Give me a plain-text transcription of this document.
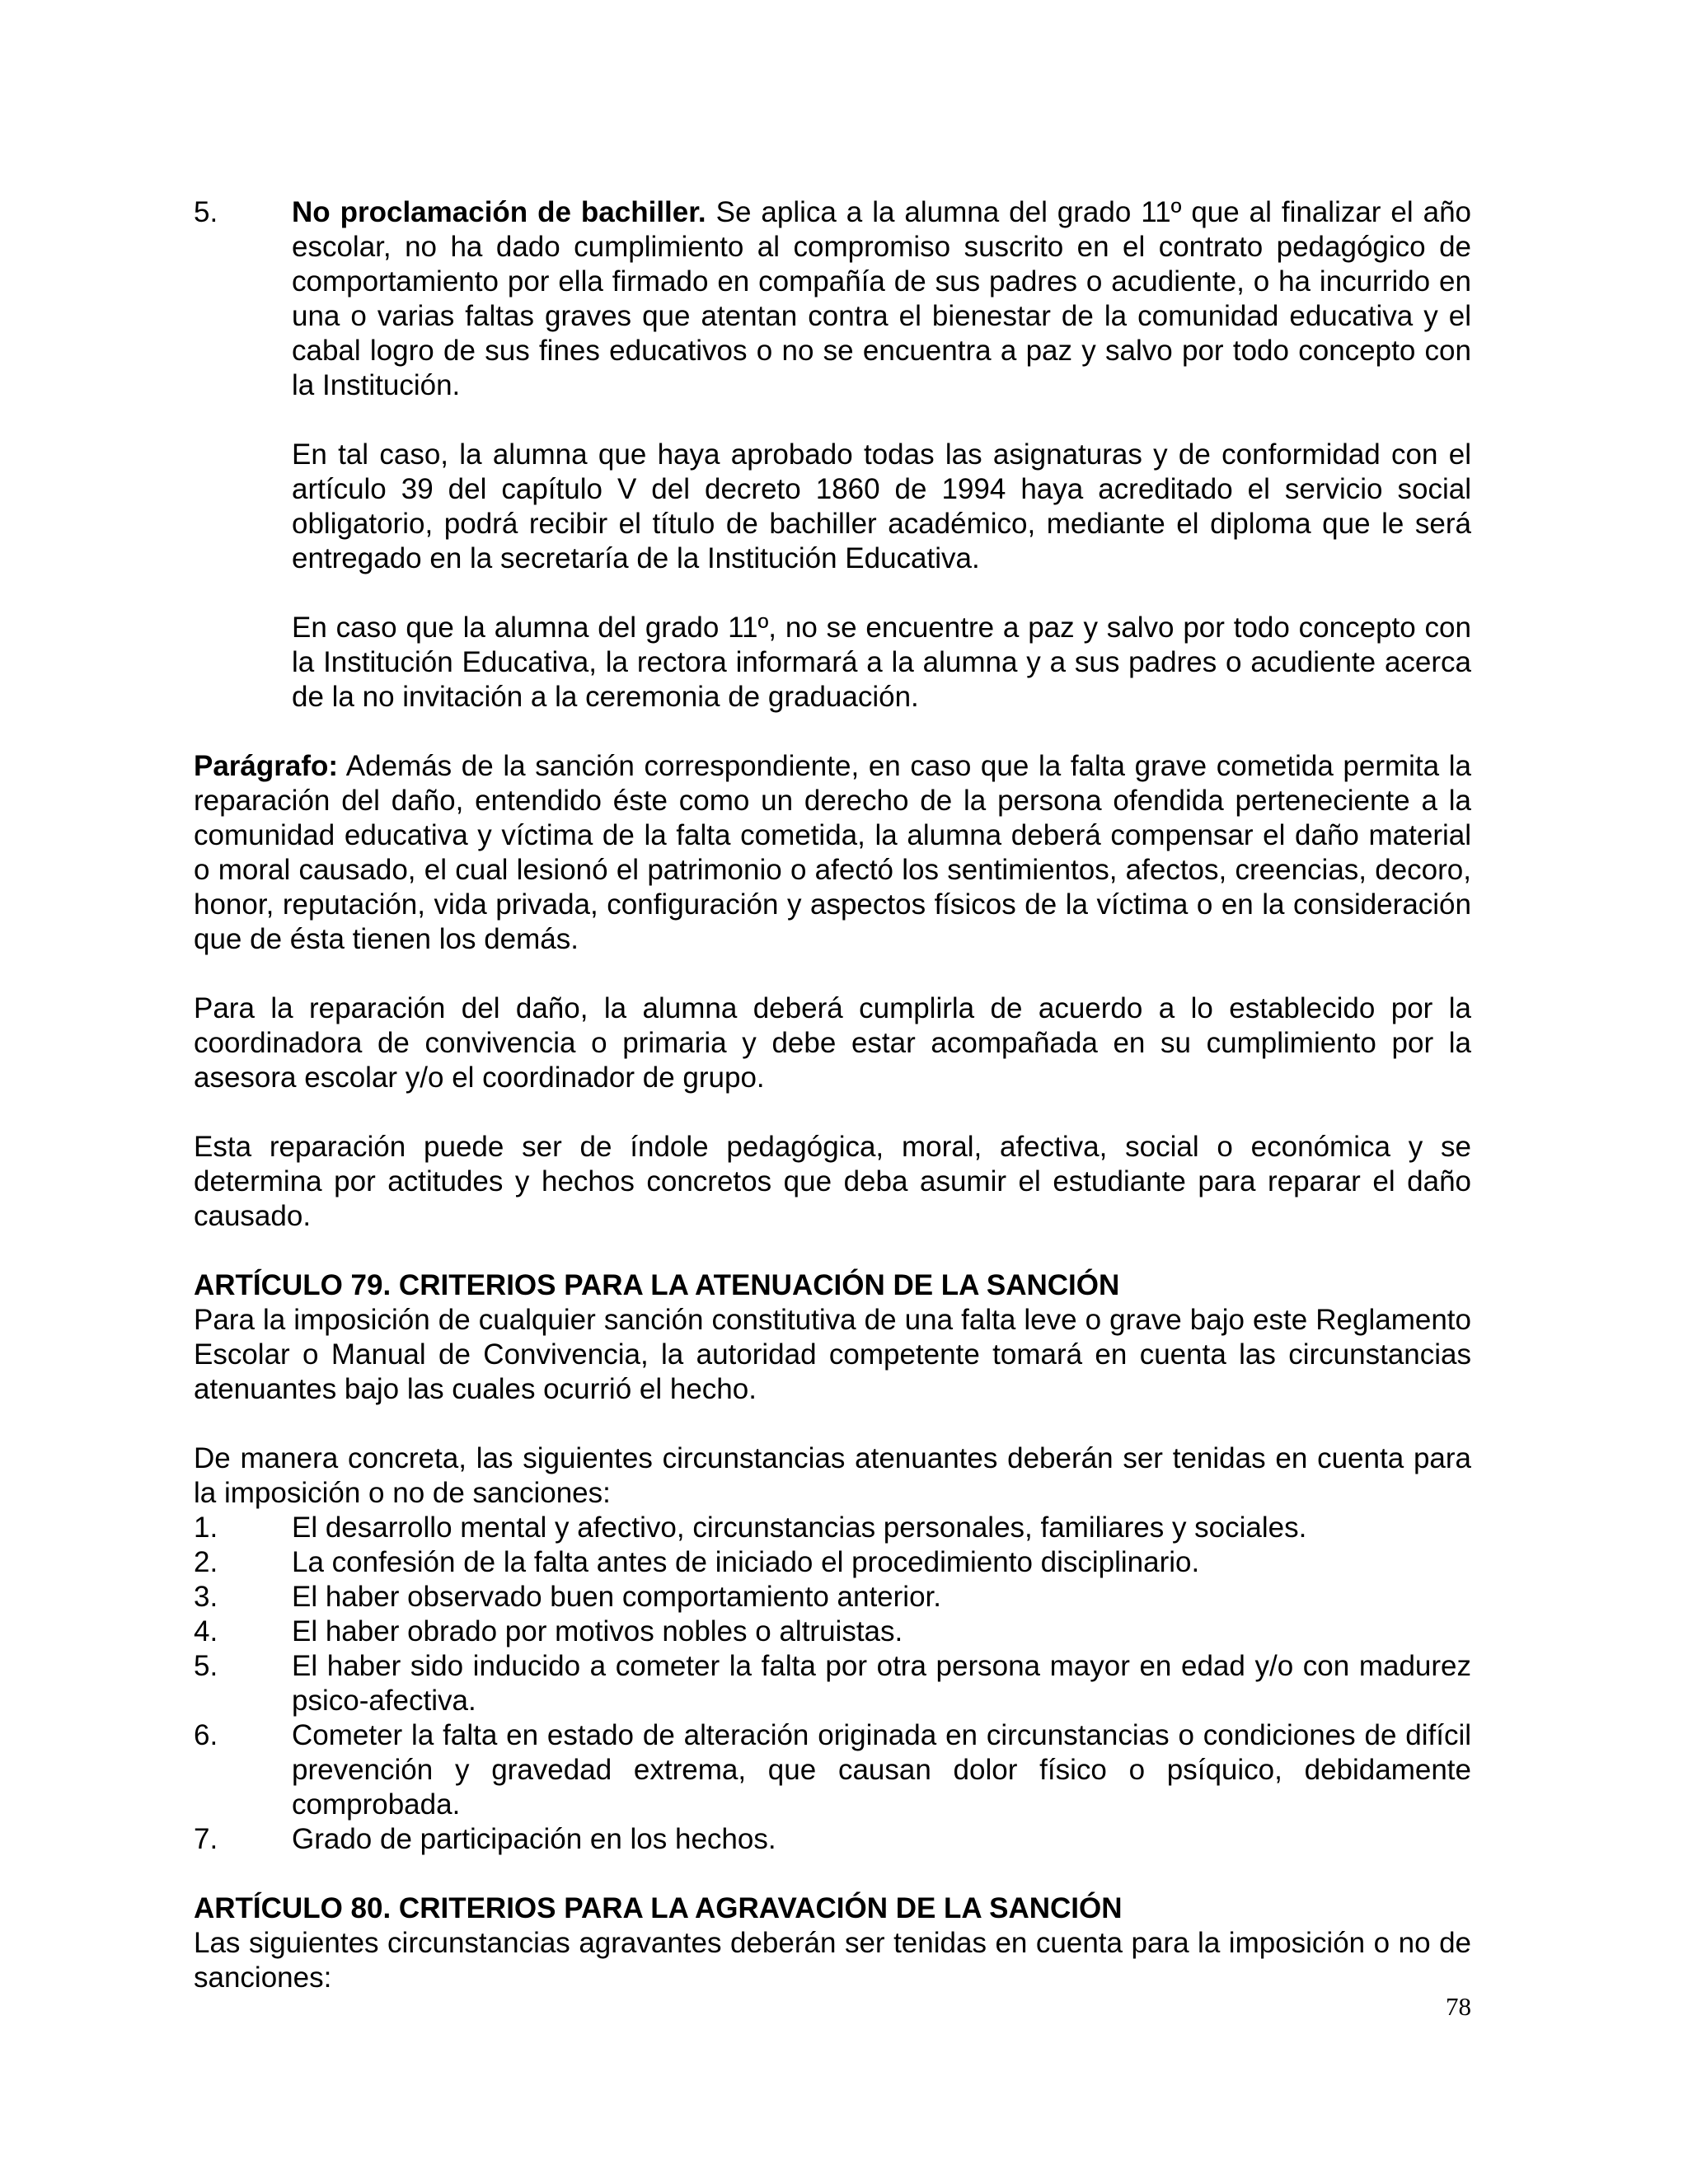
5.	No proclamación de bachiller. Se aplica a la alumna del grado 11º que al finalizar el año escolar, no ha dado cumplimiento al compromiso suscrito en el contrato pedagógico de comportamiento por ella firmado en compañía de sus padres o acudiente, o ha incurrido en una o varias faltas graves que atentan contra el bienestar de la comunidad educativa y el cabal logro de sus fines educativos o no se encuentra a paz y salvo por todo concepto con la Institución.

En tal caso, la alumna que haya aprobado todas las asignaturas y de conformidad con el artículo 39 del capítulo V del decreto 1860 de 1994 haya acreditado el servicio social obligatorio, podrá recibir el título de bachiller académico, mediante el diploma que le será entregado en la secretaría de la Institución Educativa.

En caso que la alumna del grado 11º, no se encuentre a paz y salvo por todo concepto con la Institución Educativa, la rectora informará a la alumna y a sus padres o acudiente acerca de la no invitación a la ceremonia de graduación.

Parágrafo: Además de la sanción correspondiente, en caso que la falta grave cometida permita la reparación del daño, entendido éste como un derecho de la persona ofendida perteneciente a la comunidad educativa y víctima de la falta cometida, la alumna deberá compensar el daño material o moral causado, el cual lesionó el patrimonio o afectó los sentimientos, afectos, creencias, decoro, honor, reputación, vida privada, configuración y aspectos físicos de la víctima o en la consideración que de ésta tienen los demás.

Para la reparación del daño, la alumna deberá cumplirla de acuerdo a lo establecido por la coordinadora de convivencia o primaria y debe estar acompañada en su cumplimiento por la asesora escolar y/o el coordinador de grupo.

Esta reparación puede ser de índole pedagógica, moral, afectiva, social o económica y se determina por actitudes y hechos concretos que deba asumir el estudiante para reparar el daño causado.

ARTÍCULO 79. CRITERIOS PARA LA ATENUACIÓN DE LA SANCIÓN

Para la imposición de cualquier sanción constitutiva de una falta leve o grave bajo este Reglamento Escolar o Manual de Convivencia, la autoridad competente tomará en cuenta las circunstancias atenuantes bajo las cuales ocurrió el hecho.

De manera concreta, las siguientes circunstancias atenuantes deberán ser tenidas en cuenta para la imposición o no de sanciones:

1.	El desarrollo mental y afectivo, circunstancias personales, familiares y sociales.
2.	La confesión de la falta antes de iniciado el procedimiento disciplinario.
3.	El haber observado buen comportamiento anterior.
4.	El haber obrado por motivos nobles o altruistas.
5.	El haber sido inducido a cometer la falta por otra persona mayor en edad y/o con madurez psico-afectiva.
6.	Cometer la falta en estado de alteración originada en circunstancias o condiciones de difícil prevención y gravedad extrema, que causan dolor físico o psíquico, debidamente comprobada.
7.	Grado de participación en los hechos.

ARTÍCULO 80. CRITERIOS PARA LA AGRAVACIÓN DE LA SANCIÓN

Las siguientes circunstancias agravantes deberán ser tenidas en cuenta para la imposición o no de sanciones:

78
